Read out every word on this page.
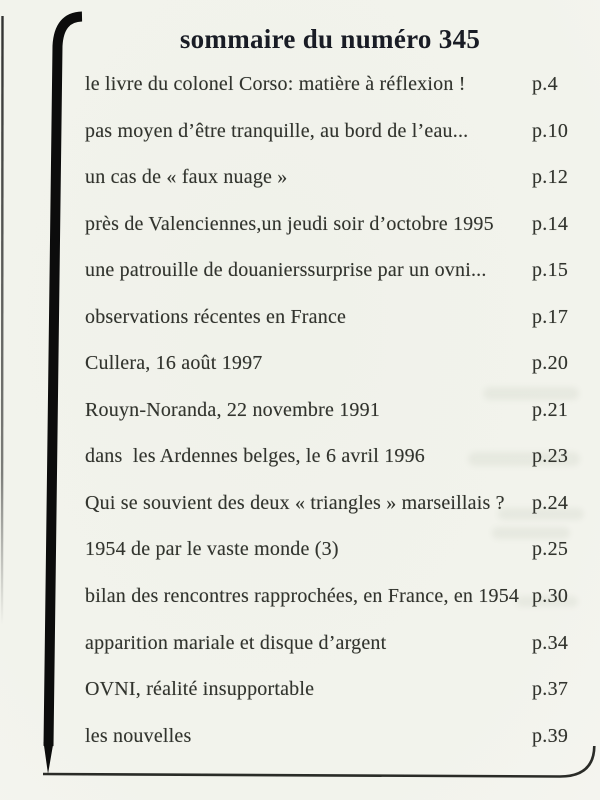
sommaire du numéro 345
le livre du colonel Corso: matière à réflexion !	p.4
pas moyen d’être tranquille, au bord de l’eau...	p.10
un cas de « faux nuage »	p.12
près de Valenciennes,un jeudi soir d’octobre 1995	p.14
une patrouille de douanierssurprise par un ovni...	p.15
observations récentes en France	p.17
Cullera, 16 août 1997	p.20
Rouyn-Noranda, 22 novembre 1991	p.21
dans  les Ardennes belges, le 6 avril 1996	p.23
Qui se souvient des deux « triangles » marseillais ?	p.24
1954 de par le vaste monde (3)	p.25
bilan des rencontres rapprochées, en France, en 1954 p.30
apparition mariale et disque d’argent	p.34
OVNI, réalité insupportable	p.37
les nouvelles	p.39
